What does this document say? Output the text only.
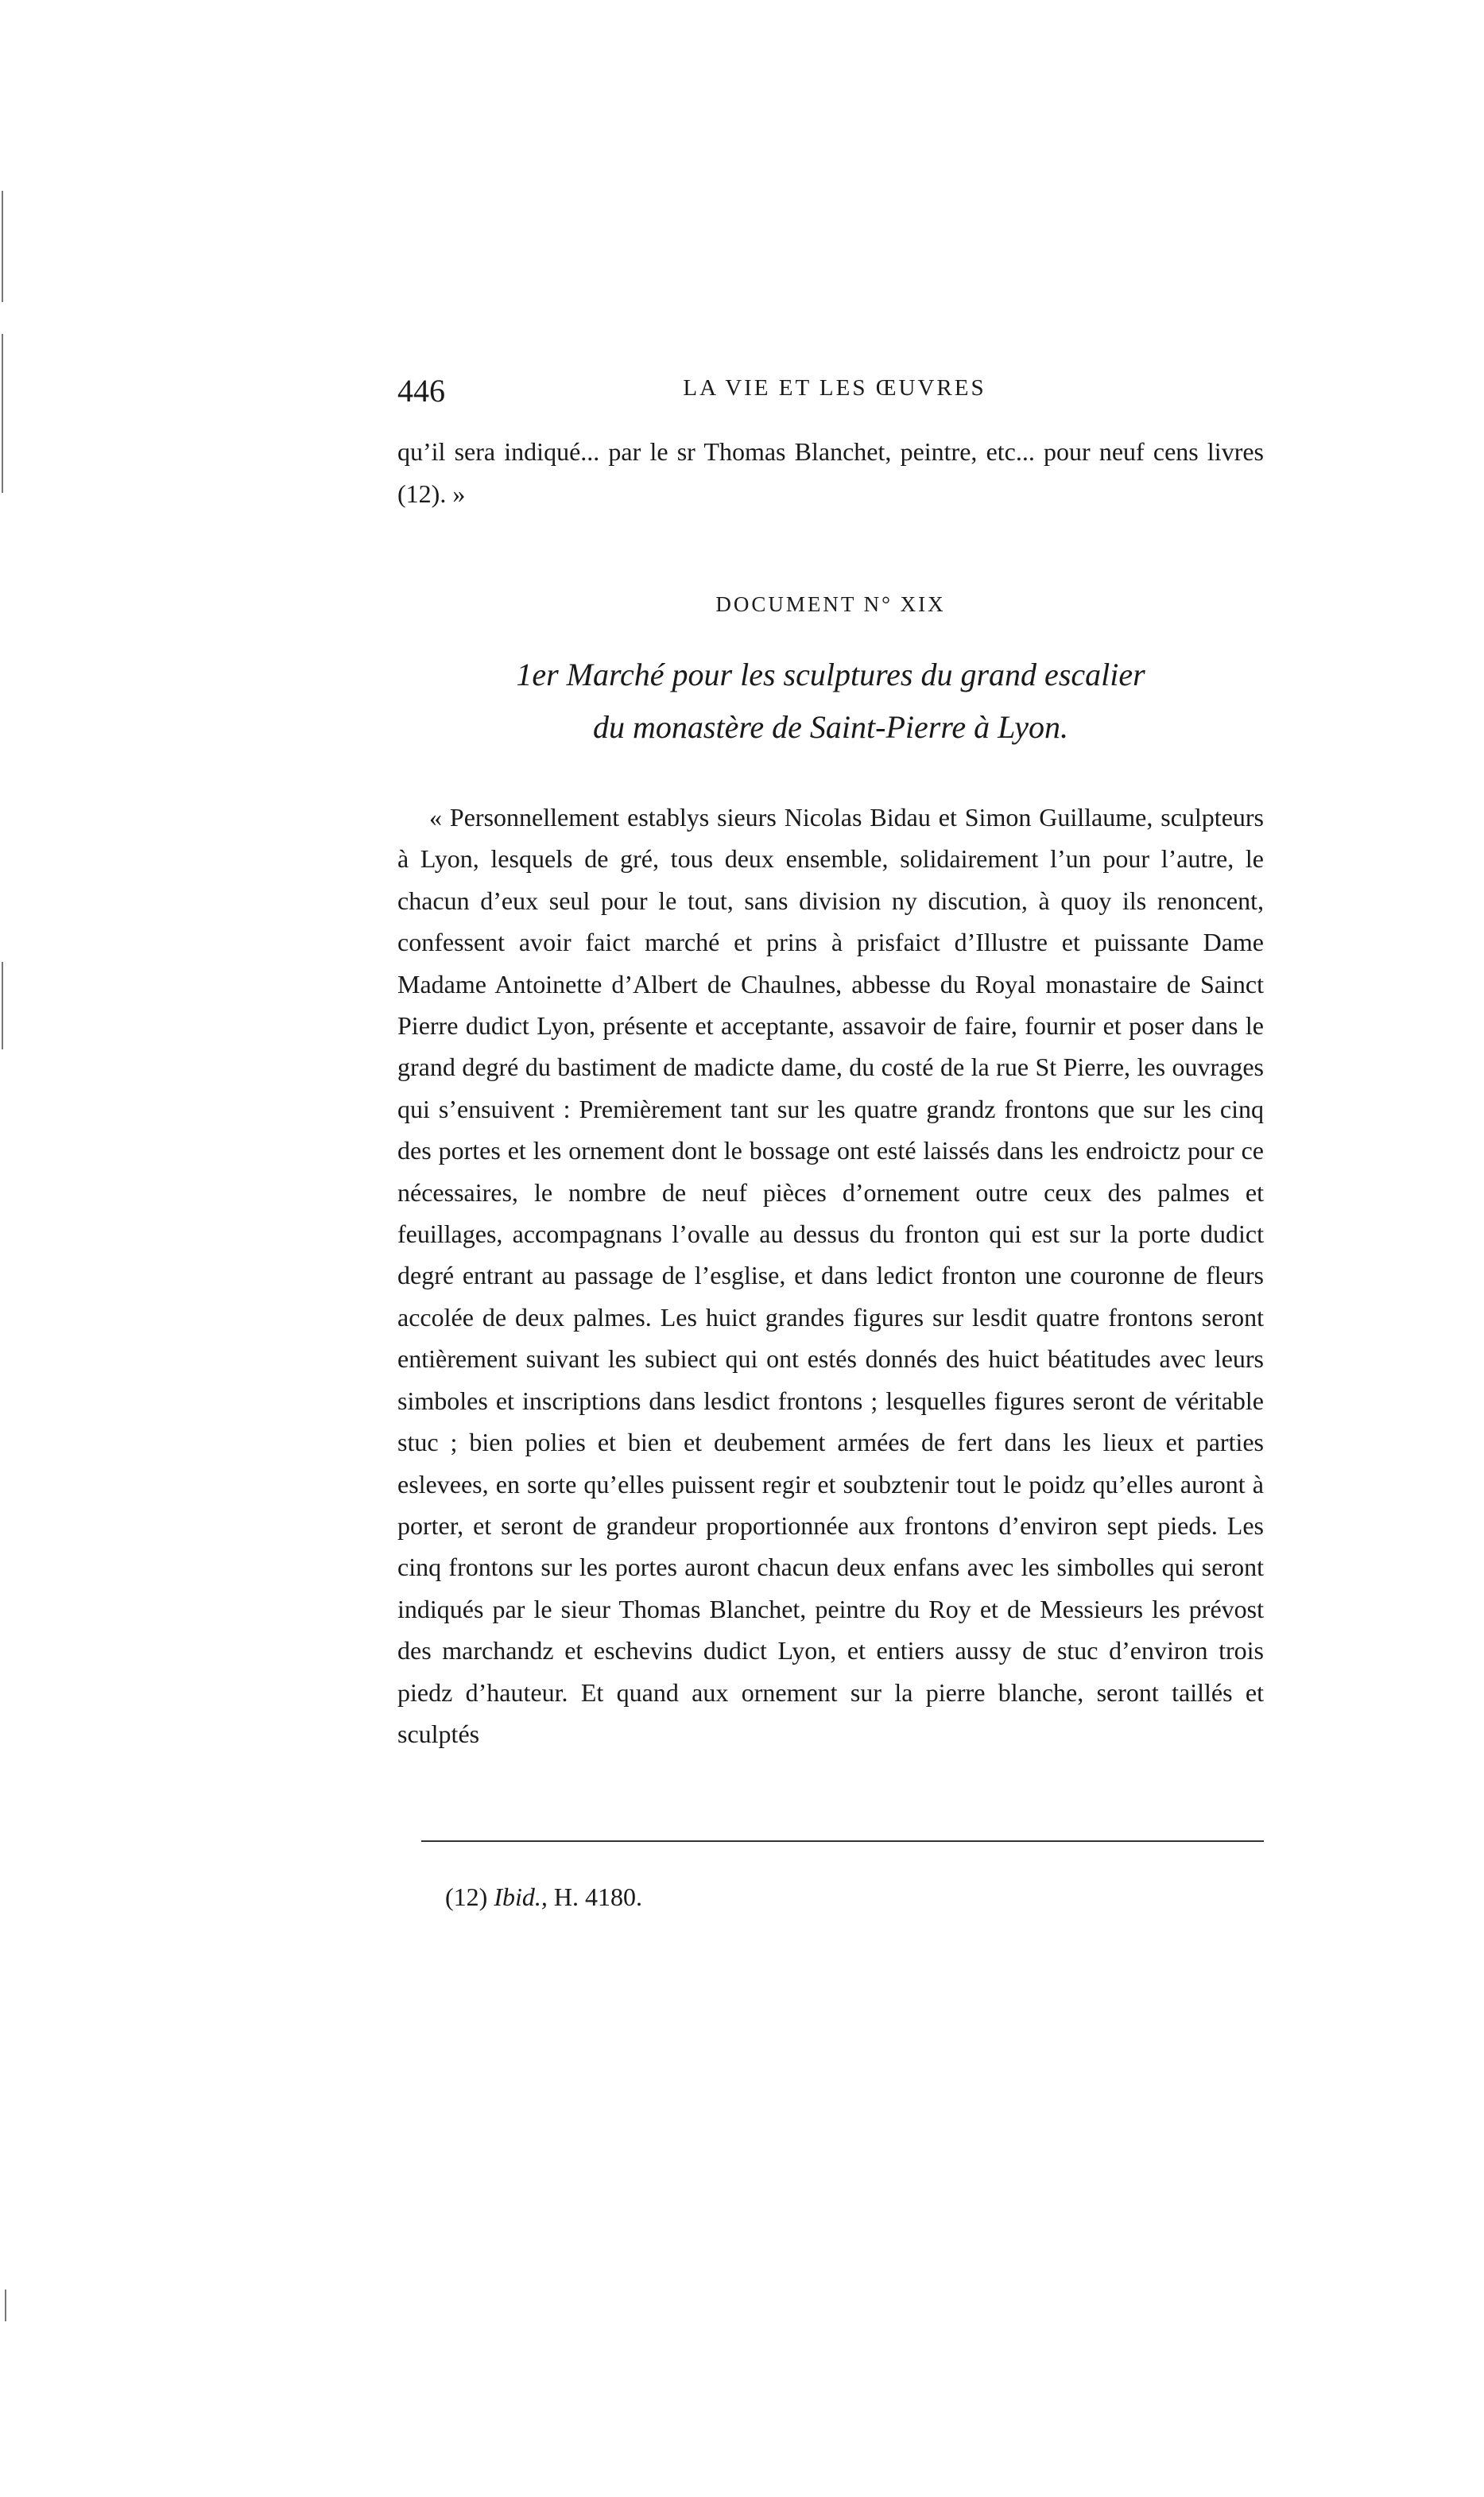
446	LA VIE ET LES ŒUVRES
qu’il sera indiqué... par le sr Thomas Blanchet, peintre, etc... pour neuf cens livres (12). »
DOCUMENT N° XIX
1er Marché pour les sculptures du grand escalier
du monastère de Saint-Pierre à Lyon.

« Personnellement establys sieurs Nicolas Bidau et Simon Guillaume, sculpteurs à Lyon, lesquels de gré, tous deux ensemble, solidairement l’un pour l’autre, le chacun d’eux seul pour le tout, sans division ny discution, à quoy ils renoncent, confessent avoir faict marché et prins à prisfaict d’Illustre et puissante Dame Madame Antoinette d’Albert de Chaulnes, abbesse du Royal monastaire de Sainct Pierre dudict Lyon, présente et acceptante, assavoir de faire, fournir et poser dans le grand degré du bastiment de madicte dame, du costé de la rue St Pierre, les ouvrages qui s’ensuivent : Premièrement tant sur les quatre grandz frontons que sur les cinq des portes et les ornement dont le bossage ont esté laissés dans les endroictz pour ce nécessaires, le nombre de neuf pièces d’ornement outre ceux des palmes et feuillages, accompagnans l’ovalle au dessus du fronton qui est sur la porte dudict degré entrant au passage de l’esglise, et dans ledict fronton une couronne de fleurs accolée de deux palmes. Les huict grandes figures sur lesdit quatre frontons seront entièrement suivant les subiect qui ont estés donnés des huict béatitudes avec leurs simboles et inscriptions dans lesdict frontons ; lesquelles figures seront de véritable stuc ; bien polies et bien et deubement armées de fert dans les lieux et parties eslevees, en sorte qu’elles puissent regir et soubztenir tout le poidz qu’elles auront à porter, et seront de grandeur proportionnée aux frontons d’environ sept pieds. Les cinq frontons sur les portes auront chacun deux enfans avec les simbolles qui seront indiqués par le sieur Thomas Blanchet, peintre du Roy et de Messieurs les prévost des marchandz et eschevins dudict Lyon, et entiers aussy de stuc d’environ trois piedz d’hauteur. Et quand aux ornement sur la pierre blanche, seront taillés et sculptés

(12) Ibid., H. 4180.
